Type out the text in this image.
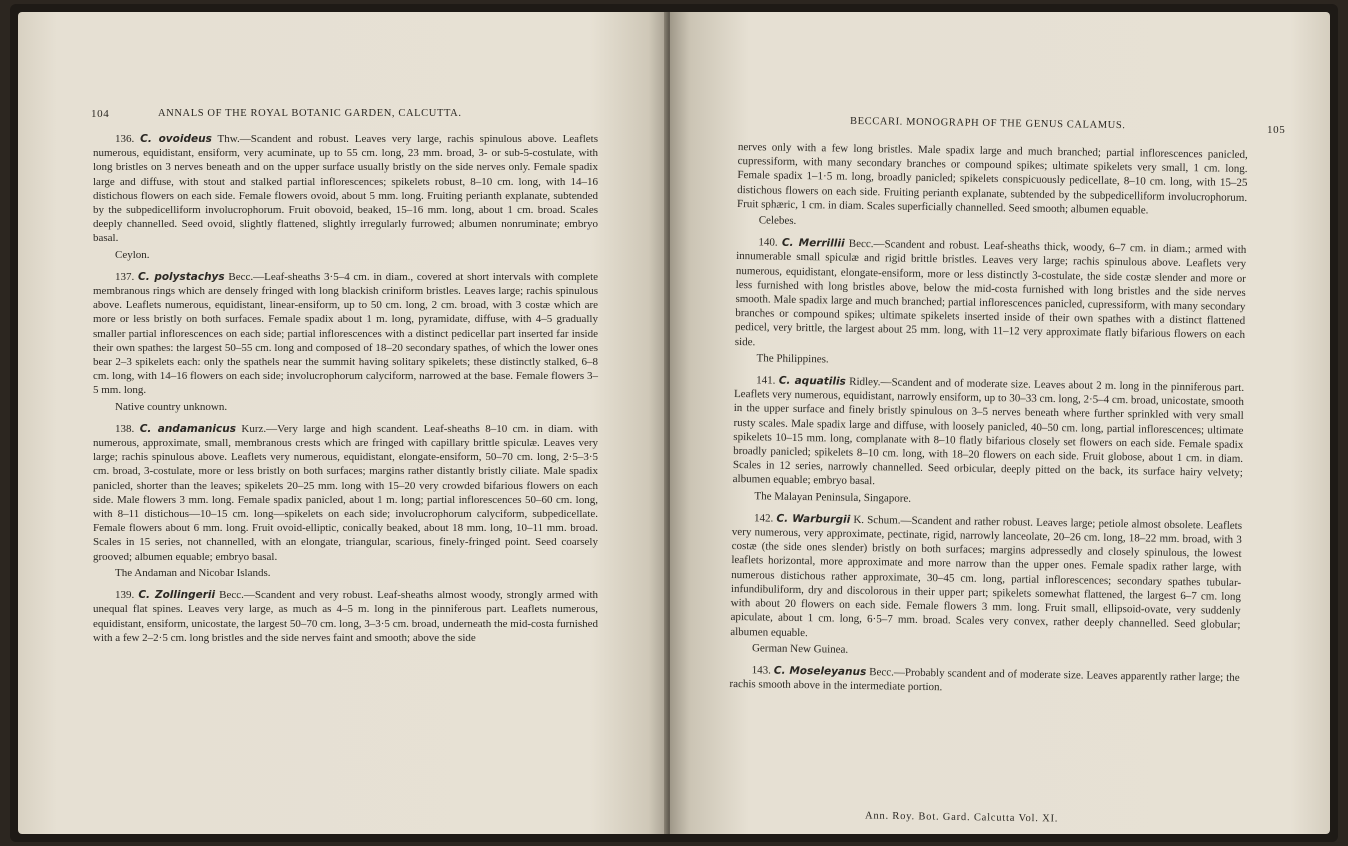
104	ANNALS OF THE ROYAL BOTANIC GARDEN, CALCUTTA.

136. C. ovoideus Thw.—Scandent and robust. Leaves very large, rachis spinulous above. Leaflets numerous, equidistant, ensiform, very acuminate, up to 55 cm. long, 23 mm. broad, 3- or sub-5-costulate, with long bristles on 3 nerves beneath and on the upper surface usually bristly on the side nerves only. Female spadix large and diffuse, with stout and stalked partial inflorescences; spikelets robust, 8–10 cm. long, with 14–16 distichous flowers on each side. Female flowers ovoid, about 5 mm. long. Fruiting perianth explanate, subtended by the subpedicelliform involucrophorum. Fruit obovoid, beaked, 15–16 mm. long, about 1 cm. broad. Scales deeply channelled. Seed ovoid, slightly flattened, slightly irregularly furrowed; albumen nonruminate; embryo basal.

Ceylon.

137. C. polystachys Becc.—Leaf-sheaths 3·5–4 cm. in diam., covered at short intervals with complete membranous rings which are densely fringed with long blackish criniform bristles. Leaves large; rachis spinulous above. Leaflets numerous, equidistant, linear-ensiform, up to 50 cm. long, 2 cm. broad, with 3 costæ which are more or less bristly on both surfaces. Female spadix about 1 m. long, pyramidate, diffuse, with 4–5 gradually smaller partial inflorescences on each side; partial inflorescences with a distinct pedicellar part inserted far inside their own spathes: the largest 50–55 cm. long and composed of 18–20 secondary spathes, of which the lower ones bear 2–3 spikelets each: only the spathels near the summit having solitary spikelets; these distinctly stalked, 6–8 cm. long, with 14–16 flowers on each side; involucrophorum calyciform, narrowed at the base. Female flowers 3–5 mm. long.

Native country unknown.

138. C. andamanicus Kurz.—Very large and high scandent. Leaf-sheaths 8–10 cm. in diam. with numerous, approximate, small, membranous crests which are fringed with capillary brittle spiculæ. Leaves very large; rachis spinulous above. Leaflets very numerous, equidistant, elongate-ensiform, 50–70 cm. long, 2·5–3·5 cm. broad, 3-costulate, more or less bristly on both surfaces; margins rather distantly bristly ciliate. Male spadix panicled, shorter than the leaves; spikelets 20–25 mm. long with 15–20 very crowded bifarious flowers on each side. Male flowers 3 mm. long. Female spadix panicled, about 1 m. long; partial inflorescences 50–60 cm. long, with 8–11 distichous—10–15 cm. long—spikelets on each side; involucrophorum calyciform, subpedicellate. Female flowers about 6 mm. long. Fruit ovoid-elliptic, conically beaked, about 18 mm. long, 10–11 mm. broad. Scales in 15 series, not channelled, with an elongate, triangular, scarious, finely-fringed point. Seed coarsely grooved; albumen equable; embryo basal.

The Andaman and Nicobar Islands.

139. C. Zollingerii Becc.—Scandent and very robust. Leaf-sheaths almost woody, strongly armed with unequal flat spines. Leaves very large, as much as 4–5 m. long in the pinniferous part. Leaflets numerous, equidistant, ensiform, unicostate, the largest 50–70 cm. long, 3–3·5 cm. broad, underneath the mid-costa furnished with a few 2–2·5 cm. long bristles and the side nerves faint and smooth; above the side

BECCARI. MONOGRAPH OF THE GENUS CALAMUS.	105

nerves only with a few long bristles. Male spadix large and much branched; partial inflorescences panicled, cupressiform, with many secondary branches or compound spikes; ultimate spikelets very small, 1 cm. long. Female spadix 1–1·5 m. long, broadly panicled; spikelets conspicuously pedicellate, 8–10 cm. long, with 15–25 distichous flowers on each side. Fruiting perianth explanate, subtended by the subpedicelliform involucrophorum. Fruit sphæric, 1 cm. in diam. Scales superficially channelled. Seed smooth; albumen equable.

Celebes.

140. C. Merrillii Becc.—Scandent and robust. Leaf-sheaths thick, woody, 6–7 cm. in diam.; armed with innumerable small spiculæ and rigid brittle bristles. Leaves very large; rachis spinulous above. Leaflets very numerous, equidistant, elongate-ensiform, more or less distinctly 3-costulate, the side costæ slender and more or less furnished with long bristles above, below the mid-costa furnished with long bristles and the side nerves smooth. Male spadix large and much branched; partial inflorescences panicled, cupressiform, with many secondary branches or compound spikes; ultimate spikelets inserted inside of their own spathes with a distinct flattened pedicel, very brittle, the largest about 25 mm. long, with 11–12 very approximate flatly bifarious flowers on each side.

The Philippines.

141. C. aquatilis Ridley.—Scandent and of moderate size. Leaves about 2 m. long in the pinniferous part. Leaflets very numerous, equidistant, narrowly ensiform, up to 30–33 cm. long, 2·5–4 cm. broad, unicostate, smooth in the upper surface and finely bristly spinulous on 3–5 nerves beneath where further sprinkled with very small rusty scales. Male spadix large and diffuse, with loosely panicled, 40–50 cm. long, partial inflorescences; ultimate spikelets 10–15 mm. long, complanate with 8–10 flatly bifarious closely set flowers on each side. Female spadix broadly panicled; spikelets 8–10 cm. long, with 18–20 flowers on each side. Fruit globose, about 1 cm. in diam. Scales in 12 series, narrowly channelled. Seed orbicular, deeply pitted on the back, its surface hairy velvety; albumen equable; embryo basal.

The Malayan Peninsula, Singapore.

142. C. Warburgii K. Schum.—Scandent and rather robust. Leaves large; petiole almost obsolete. Leaflets very numerous, very approximate, pectinate, rigid, narrowly lanceolate, 20–26 cm. long, 18–22 mm. broad, with 3 costæ (the side ones slender) bristly on both surfaces; margins adpressedly and closely spinulous, the lowest leaflets horizontal, more approximate and more narrow than the upper ones. Female spadix rather large, with numerous distichous rather approximate, 30–45 cm. long, partial inflorescences; secondary spathes tubular-infundibuliform, dry and discolorous in their upper part; spikelets somewhat flattened, the largest 6–7 cm. long with about 20 flowers on each side. Female flowers 3 mm. long. Fruit small, ellipsoid-ovate, very suddenly apiculate, about 1 cm. long, 6·5–7 mm. broad. Scales very convex, rather deeply channelled. Seed globular; albumen equable.

German New Guinea.

143. C. Moseleyanus Becc.—Probably scandent and of moderate size. Leaves apparently rather large; the rachis smooth above in the intermediate portion.

Ann. Roy. Bot. Gard. Calcutta Vol. XI.
